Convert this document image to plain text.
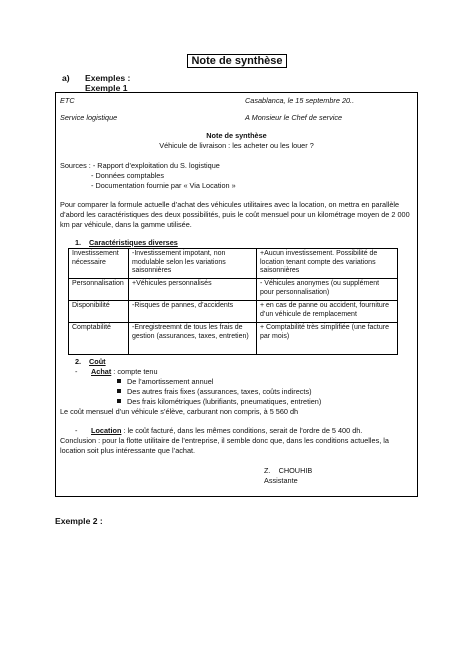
Note de synthèse
a) Exemples :
Exemple 1
ETC	Casablanca, le 15 septembre 20..
Service logistique	A Monsieur le Chef de service
Note de synthèse
Véhicule de livraison : les acheter ou les louer ?
Sources : - Rapport d’exploitation du S. logistique
- Données comptables
- Documentation fournie par « Via Location »
Pour comparer la formule actuelle d’achat des véhicules utilitaires avec la location, on mettra en parallèle
d’abord les caractéristiques des deux possibilités, puis le coût mensuel pour un kilométrage moyen de 2 000
km par véhicule, dans la gamme utilisée.
1. Caractéristiques diverses
Investissement nécessaire	-Investissement impotant, non modulable selon les variations saisonnières	+Aucun investissement. Possibilité de location tenant compte des variations saisonnières
Personnalisation	+Véhicules personnalisés	- Véhicules anonymes (ou supplément pour personnalisation)
Disponibilité	-Risques de pannes, d’accidents	+ en cas de panne ou accident, fourniture d’un véhicule de remplacement
Comptabilité	-Enregistreemnt de tous les frais de gestion (assurances, taxes, entretien)	+ Comptabilité très simplifiée (une facture par mois)
2. Coût
- Achat : compte tenu
De l’amortissement annuel
Des autres frais fixes (assurances, taxes, coûts indirects)
Des frais kilométriques (lubrifiants, pneumatiques, entretien)
Le coût mensuel d’un véhicule s’élève, carburant non compris, à 5 560 dh
- Location : le coût facturé, dans les mêmes conditions, serait de l’ordre de 5 400 dh.
Conclusion : pour la flotte utilitaire de l’entreprise, il semble donc que, dans les conditions actuelles, la
location soit plus intéressante que l’achat.
Z.    CHOUHIB
Assistante
Exemple 2 :
